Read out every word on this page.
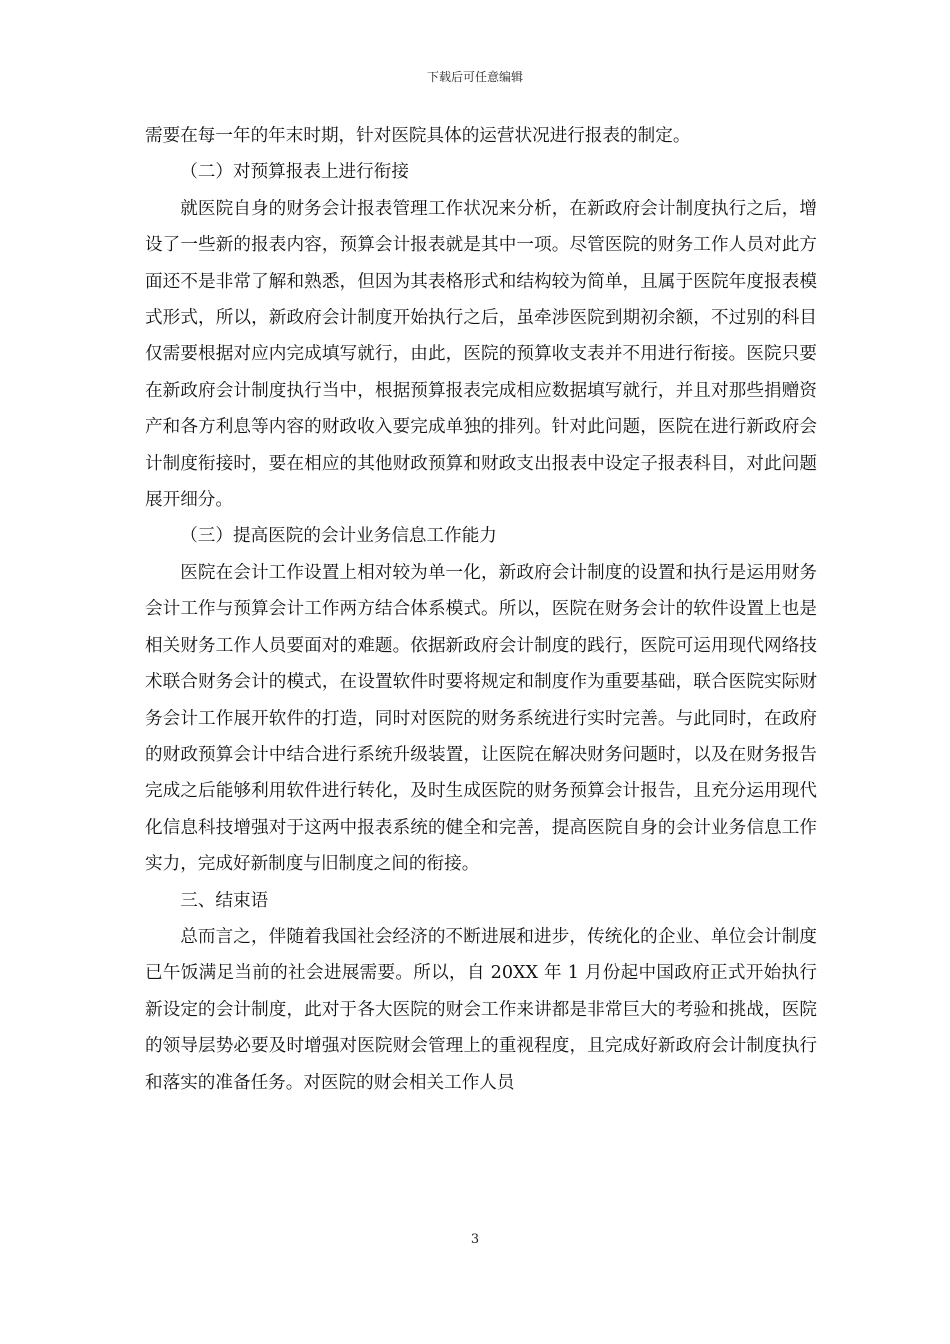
下载后可任意编辑

需要在每一年的年末时期，针对医院具体的运营状况进行报表的制定。

（二）对预算报表上进行衔接

就医院自身的财务会计报表管理工作状况来分析，在新政府会计制度执行之后，增设了一些新的报表内容，预算会计报表就是其中一项。尽管医院的财务工作人员对此方面还不是非常了解和熟悉，但因为其表格形式和结构较为简单，且属于医院年度报表模式形式，所以，新政府会计制度开始执行之后，虽牵涉医院到期初余额，不过别的科目仅需要根据对应内完成填写就行，由此，医院的预算收支表并不用进行衔接。医院只要在新政府会计制度执行当中，根据预算报表完成相应数据填写就行，并且对那些捐赠资产和各方利息等内容的财政收入要完成单独的排列。针对此问题，医院在进行新政府会计制度衔接时，要在相应的其他财政预算和财政支出报表中设定子报表科目，对此问题展开细分。

（三）提高医院的会计业务信息工作能力

医院在会计工作设置上相对较为单一化，新政府会计制度的设置和执行是运用财务会计工作与预算会计工作两方结合体系模式。所以，医院在财务会计的软件设置上也是相关财务工作人员要面对的难题。依据新政府会计制度的践行，医院可运用现代网络技术联合财务会计的模式，在设置软件时要将规定和制度作为重要基础，联合医院实际财务会计工作展开软件的打造，同时对医院的财务系统进行实时完善。与此同时，在政府的财政预算会计中结合进行系统升级装置，让医院在解决财务问题时，以及在财务报告完成之后能够利用软件进行转化，及时生成医院的财务预算会计报告，且充分运用现代化信息科技增强对于这两中报表系统的健全和完善，提高医院自身的会计业务信息工作实力，完成好新制度与旧制度之间的衔接。

三、结束语

总而言之，伴随着我国社会经济的不断进展和进步，传统化的企业、单位会计制度已午饭满足当前的社会进展需要。所以，自 20XX 年 1 月份起中国政府正式开始执行新设定的会计制度，此对于各大医院的财会工作来讲都是非常巨大的考验和挑战，医院的领导层势必要及时增强对医院财会管理上的重视程度，且完成好新政府会计制度执行和落实的准备任务。对医院的财会相关工作人员

3
